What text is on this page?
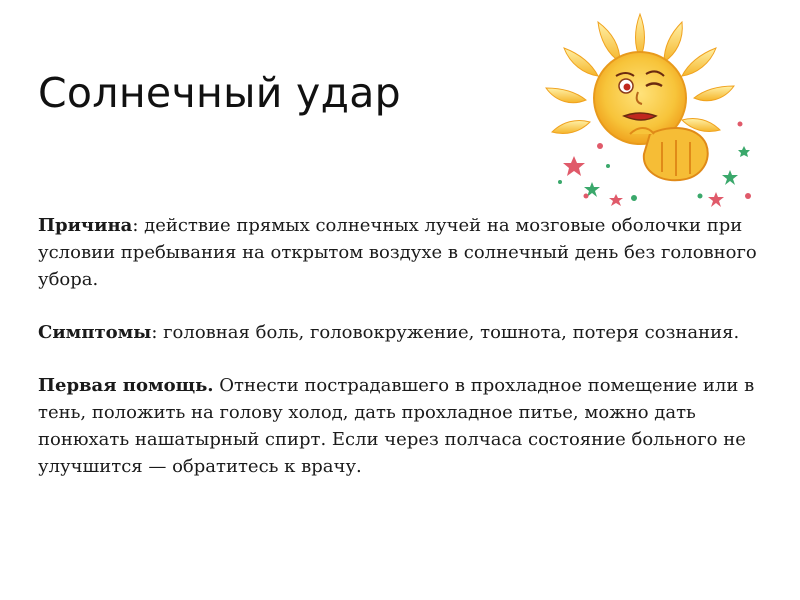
Солнечный удар

Причина: действие прямых солнечных лучей на мозговые оболочки при условии пребывания на открытом воздухе в солнечный день без головного убора.

Симптомы: головная боль, головокружение, тошнота, потеря сознания.

Первая помощь. Отнести пострадавшего в прохладное помещение или в тень, положить на голову холод, дать прохладное питье, можно дать понюхать нашатырный спирт. Если через полчаса состояние больного не улучшится — обратитесь к врачу.
